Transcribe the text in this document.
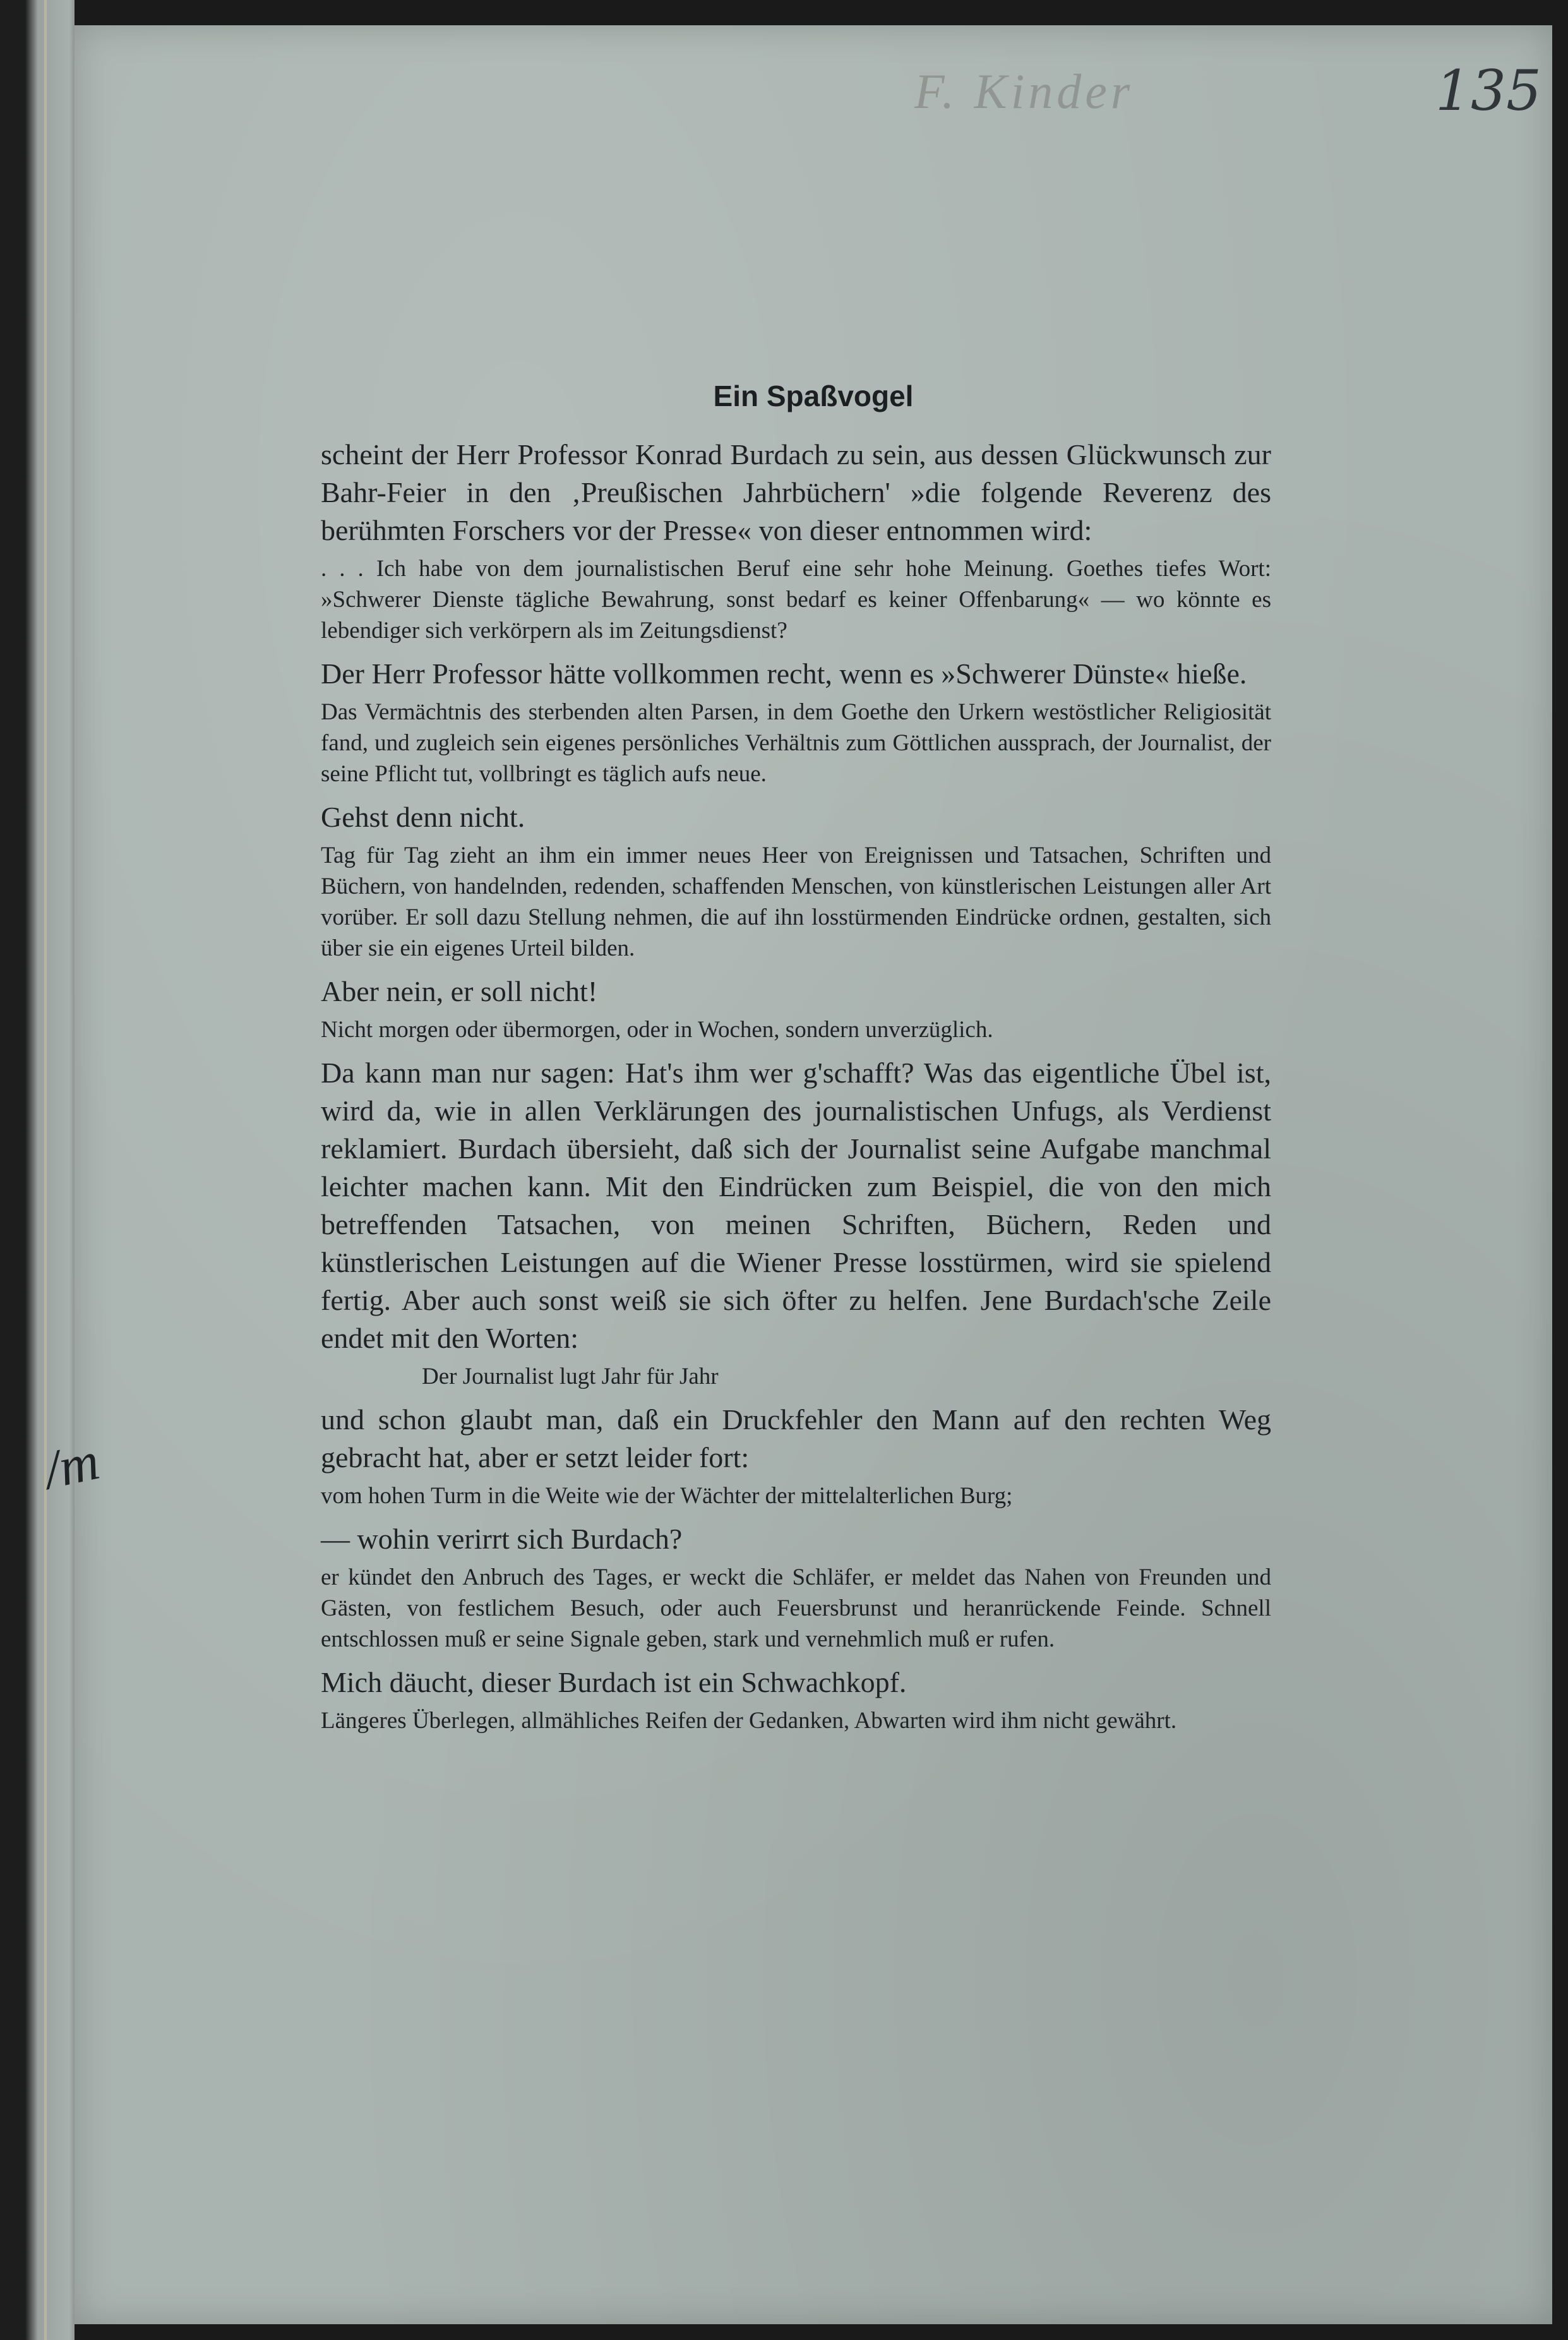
F. Kinder	135
Ein Spaßvogel

scheint der Herr Professor Konrad Burdach zu sein, aus dessen Glückwunsch zur Bahr-Feier in den ‚Preußischen Jahrbüchern' »die folgende Reverenz des berühmten Forschers vor der Presse« von dieser entnommen wird:

. . . Ich habe von dem journalistischen Beruf eine sehr hohe Meinung. Goethes tiefes Wort: »Schwerer Dienste tägliche Bewahrung, sonst bedarf es keiner Offenbarung« — wo könnte es lebendiger sich verkörpern als im Zeitungsdienst?

Der Herr Professor hätte vollkommen recht, wenn es »Schwerer Dünste« hieße.

Das Vermächtnis des sterbenden alten Parsen, in dem Goethe den Urkern westöstlicher Religiosität fand, und zugleich sein eigenes persönliches Verhältnis zum Göttlichen aussprach, der Journalist, der seine Pflicht tut, vollbringt es täglich aufs neue.

Gehst denn nicht.

Tag für Tag zieht an ihm ein immer neues Heer von Ereignissen und Tatsachen, Schriften und Büchern, von handelnden, redenden, schaffenden Menschen, von künstlerischen Leistungen aller Art vorüber. Er soll dazu Stellung nehmen, die auf ihn losstürmenden Eindrücke ordnen, gestalten, sich über sie ein eigenes Urteil bilden.

Aber nein, er soll nicht!

Nicht morgen oder übermorgen, oder in Wochen, sondern unverzüglich.

Da kann man nur sagen: Hat's ihm wer g'schafft? Was das eigentliche Übel ist, wird da, wie in allen Verklärungen des journalistischen Unfugs, als Verdienst reklamiert. Burdach übersieht, daß sich der Journalist seine Aufgabe manchmal leichter machen kann. Mit den Eindrücken zum Beispiel, die von den mich betreffenden Tatsachen, von meinen Schriften, Büchern, Reden und künstlerischen Leistungen auf die Wiener Presse losstürmen, wird sie spielend fertig. Aber auch sonst weiß sie sich öfter zu helfen. Jene Burdach'sche Zeile endet mit den Worten:

Der Journalist lugt Jahr für Jahr

und schon glaubt man, daß ein Druckfehler den Mann auf den rechten Weg gebracht hat, aber er setzt leider fort:

vom hohen Turm in die Weite wie der Wächter der mittelalterlichen Burg;

— wohin verirrt sich Burdach?

er kündet den Anbruch des Tages, er weckt die Schläfer, er meldet das Nahen von Freunden und Gästen, von festlichem Besuch, oder auch Feuersbrunst und heranrückende Feinde. Schnell entschlossen muß er seine Signale geben, stark und vernehmlich muß er rufen.

Mich däucht, dieser Burdach ist ein Schwachkopf.

Längeres Überlegen, allmähliches Reifen der Gedanken, Abwarten wird ihm nicht gewährt.

/m
